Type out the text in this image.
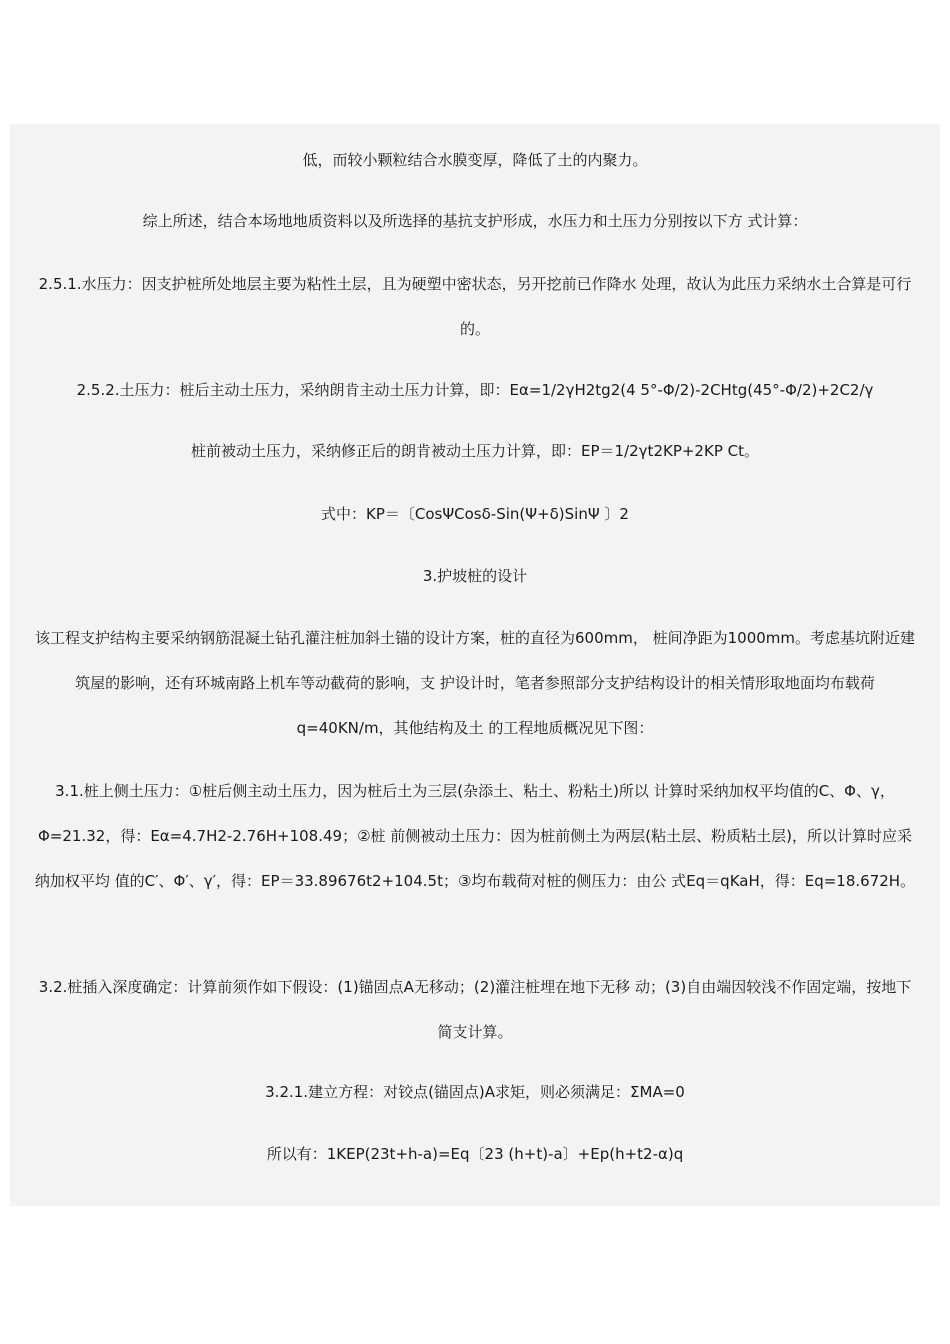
低，而较小颗粒结合水膜变厚，降低了土的内聚力。

综上所述，结合本场地地质资料以及所选择的基抗支护形成，水压力和土压力分别按以下方 式计算：

2.5.1.水压力：因支护桩所处地层主要为粘性土层，且为硬塑中密状态，另开挖前已作降水 处理，故认为此压力采纳水土合算是可行的。

2.5.2.土压力：桩后主动土压力，采纳朗肯主动土压力计算，即：Eα=1/2γH2tg2(4 5°-Φ/2)-2CHtg(45°-Φ/2)+2C2/γ

桩前被动土压力，采纳修正后的朗肯被动土压力计算，即：EP＝1/2γt2KP+2KP Ct。

式中：KP＝〔CosΨCosδ-Sin(Ψ+δ)SinΨ 〕2

3.护坡桩的设计

该工程支护结构主要采纳钢筋混凝土钻孔灌注桩加斜土锚的设计方案，桩的直径为600mm， 桩间净距为1000mm。考虑基坑附近建筑屋的影响，还有环城南路上机车等动截荷的影响，支 护设计时，笔者参照部分支护结构设计的相关情形取地面均布载荷q=40KN/m，其他结构及土 的工程地质概况见下图：

3.1.桩上侧土压力：①桩后侧主动土压力，因为桩后土为三层(杂添土、粘土、粉粘土)所以 计算时采纳加权平均值的C、Φ、γ，Φ=21.32，得：Eα=4.7H2-2.76H+108.49；②桩 前侧被动土压力：因为桩前侧土为两层(粘土层、粉质粘土层)，所以计算时应采纳加权平均 值的C′、Φ′、γ′，得：EP＝33.89676t2+104.5t；③均布载荷对桩的侧压力：由公 式Eq＝qKaH，得：Eq=18.672H。

3.2.桩插入深度确定：计算前须作如下假设：(1)锚固点A无移动；(2)灌注桩埋在地下无移 动；(3)自由端因较浅不作固定端，按地下简支计算。

3.2.1.建立方程：对铰点(锚固点)A求矩，则必须满足：ΣMA=0

所以有：1KEP(23t+h-a)=Eq〔23 (h+t)-a〕+Ep(h+t2-α)q
